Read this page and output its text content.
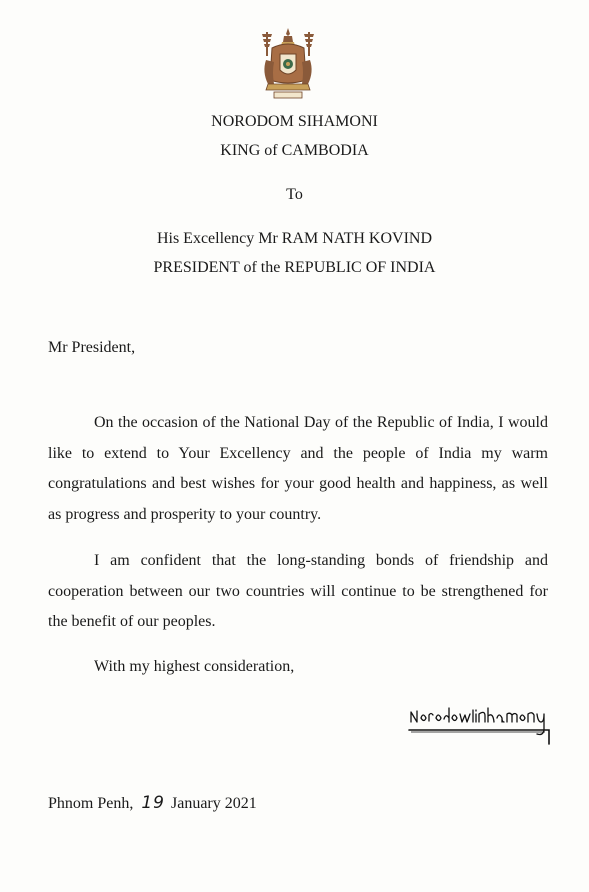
NORODOM SIHAMONI
KING of CAMBODIA
To
His Excellency Mr RAM NATH KOVIND
PRESIDENT of the REPUBLIC OF INDIA
Mr President,
On the occasion of the National Day of the Republic of India, I would like to extend to Your Excellency and the people of India my warm congratulations and best wishes for your good health and happiness, as well as progress and prosperity to your country.
I am confident that the long-standing bonds of friendship and cooperation between our two countries will continue to be strengthened for the benefit of our peoples.
With my highest consideration,
Phnom Penh, 19 January 2021
